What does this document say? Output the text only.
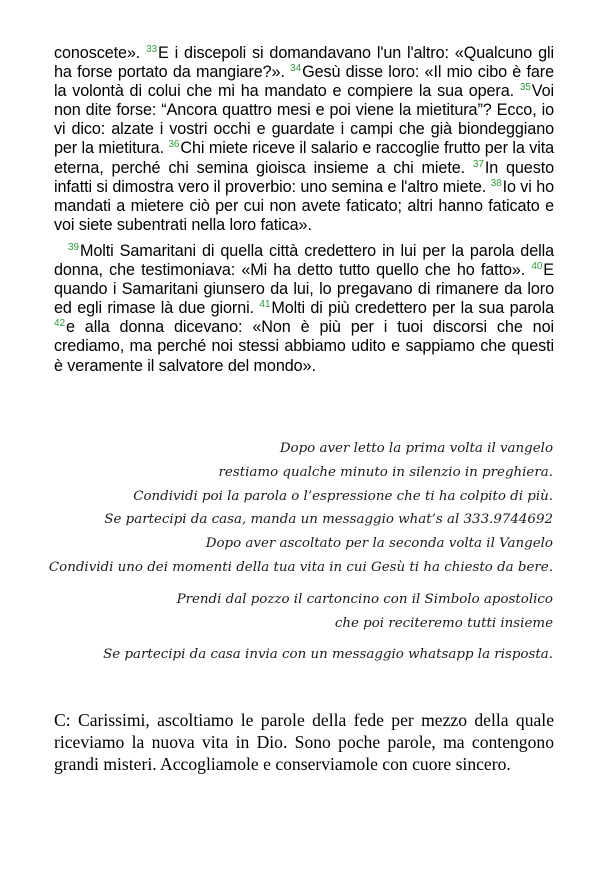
conoscete». $^{33}$E i discepoli si domandavano l'un l'altro: «Qualcuno gli ha forse portato da mangiare?». $^{34}$Gesù disse loro: «Il mio cibo è fare la volontà di colui che mi ha mandato e compiere la sua opera. $^{35}$Voi non dite forse: “Ancora quattro mesi e poi viene la mietitura”? Ecco, io vi dico: alzate i vostri occhi e guardate i campi che già biondeggiano per la mietitura. $^{36}$Chi miete riceve il salario e raccoglie frutto per la vita eterna, perché chi semina gioisca insieme a chi miete. $^{37}$In questo infatti si dimostra vero il proverbio: uno semina e l'altro miete. $^{38}$Io vi ho mandati a mietere ciò per cui non avete faticato; altri hanno faticato e voi siete subentrati nella loro fatica».

$^{39}$Molti Samaritani di quella città credettero in lui per la parola della donna, che testimoniava: «Mi ha detto tutto quello che ho fatto». $^{40}$E quando i Samaritani giunsero da lui, lo pregavano di rimanere da loro ed egli rimase là due giorni. $^{41}$Molti di più credettero per la sua parola $^{42}$e alla donna dicevano: «Non è più per i tuoi discorsi che noi crediamo, ma perché noi stessi abbiamo udito e sappiamo che questi è veramente il salvatore del mondo».

Dopo aver letto la prima volta il vangelo

restiamo qualche minuto in silenzio in preghiera.

Condividi poi la parola o l’espressione che ti ha colpito di più.

Se partecipi da casa, manda un messaggio what’s al 333.9744692

Dopo aver ascoltato per la seconda volta il Vangelo

Condividi uno dei momenti della tua vita in cui Gesù ti ha chiesto da bere.

Prendi dal pozzo il cartoncino con il Simbolo apostolico

che poi reciteremo tutti insieme

Se partecipi da casa invia con un messaggio whatsapp la risposta.

C: Carissimi, ascoltiamo le parole della fede per mezzo della quale riceviamo la nuova vita in Dio. Sono poche parole, ma contengono grandi misteri. Accogliamole e conserviamole con cuore sincero.
